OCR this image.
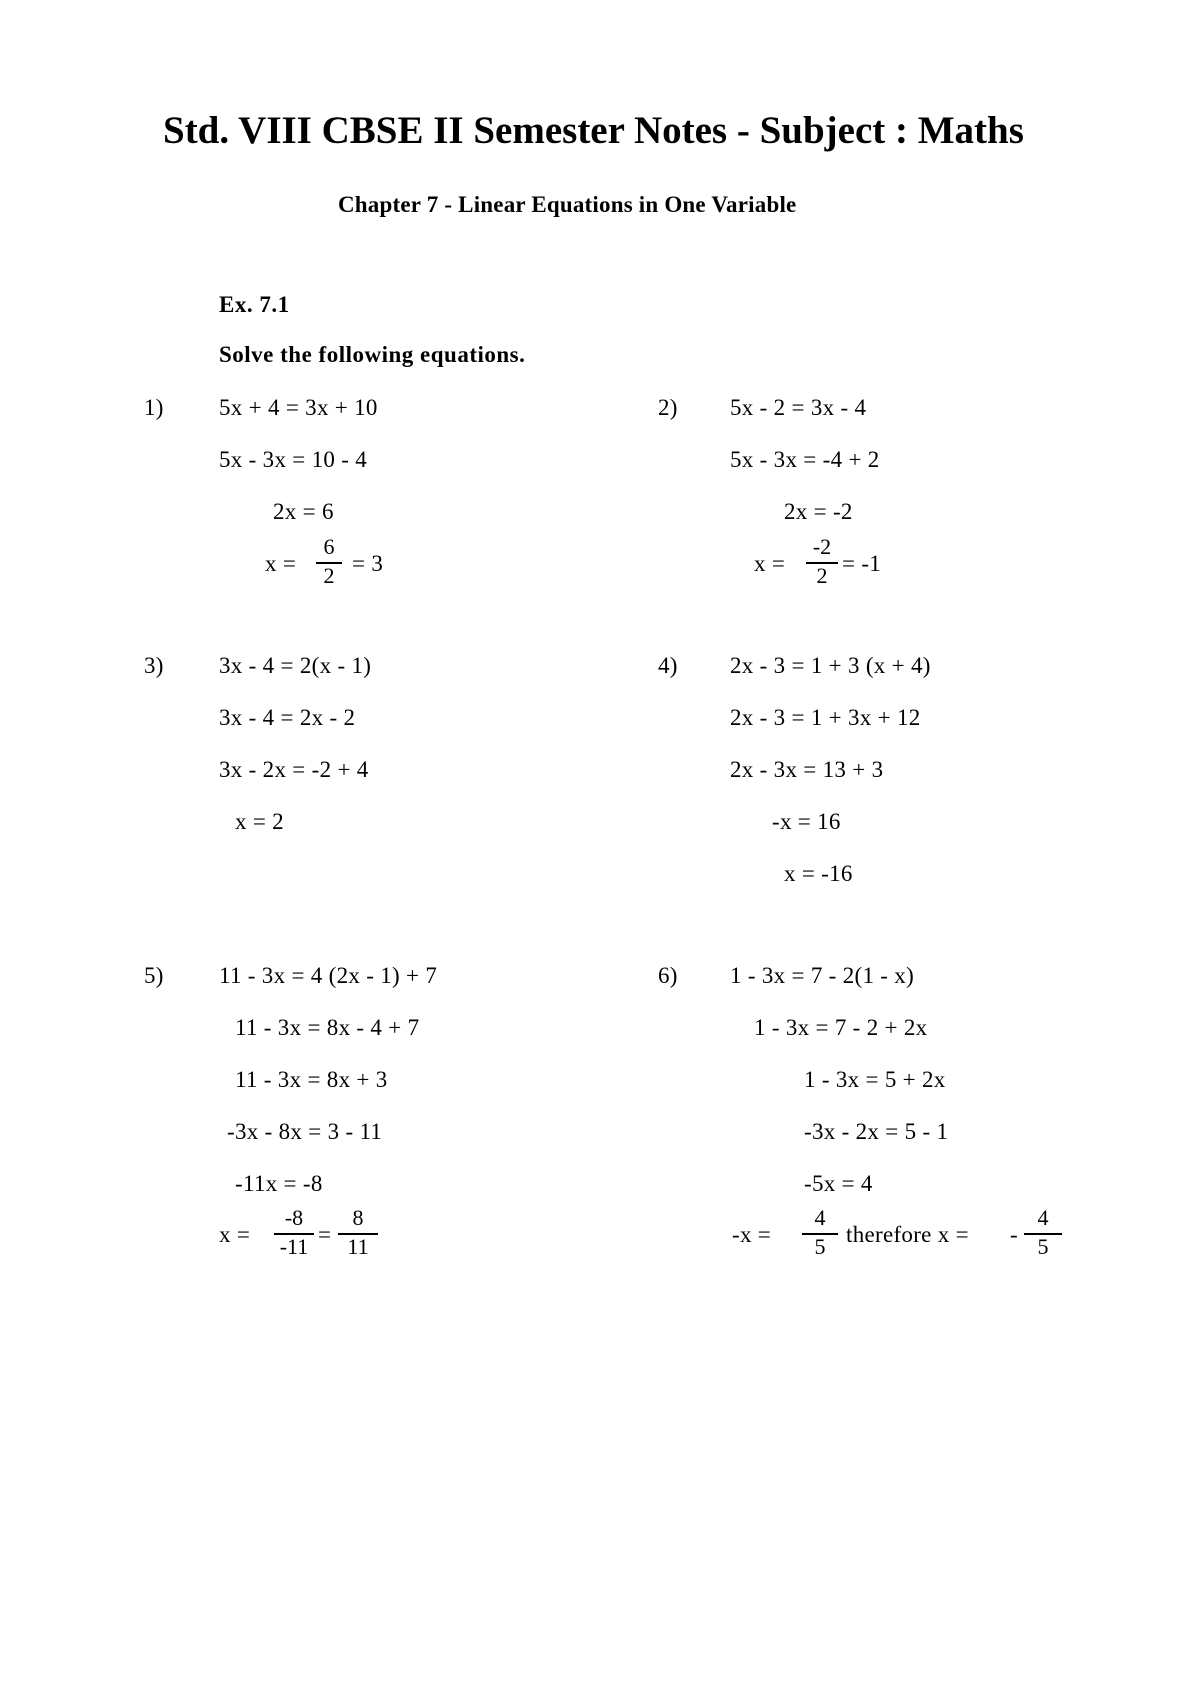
Std. VIII CBSE II Semester Notes - Subject : Maths
Chapter 7 - Linear Equations in One Variable
Ex. 7.1
Solve the following equations.
1) 5x + 4 = 3x + 10
5x - 3x = 10 - 4
2x = 6
x =
6
2 = 3
2) 5x - 2 = 3x - 4
5x - 3x = -4 + 2
2x = -2
x =
-2
2 = -1
3) 3x - 4 = 2(x - 1)
3x - 4 = 2x - 2
3x - 2x = -2 + 4
x = 2
4) 2x - 3 = 1 + 3 (x + 4)
2x - 3 = 1 + 3x + 12
2x - 3x = 13 + 3
-x = 16
x = -16
5) 11 - 3x = 4 (2x - 1) + 7
11 - 3x = 8x - 4 + 7
11 - 3x = 8x + 3
-3x - 8x = 3 - 11
-11x = -8
x =
-8
-11 =
8
11
6) 1 - 3x = 7 - 2(1 - x)
1 - 3x = 7 - 2 + 2x
1 - 3x = 5 + 2x
-3x - 2x = 5 - 1
-5x = 4
-x =
4
5 therefore x = -
4
5
